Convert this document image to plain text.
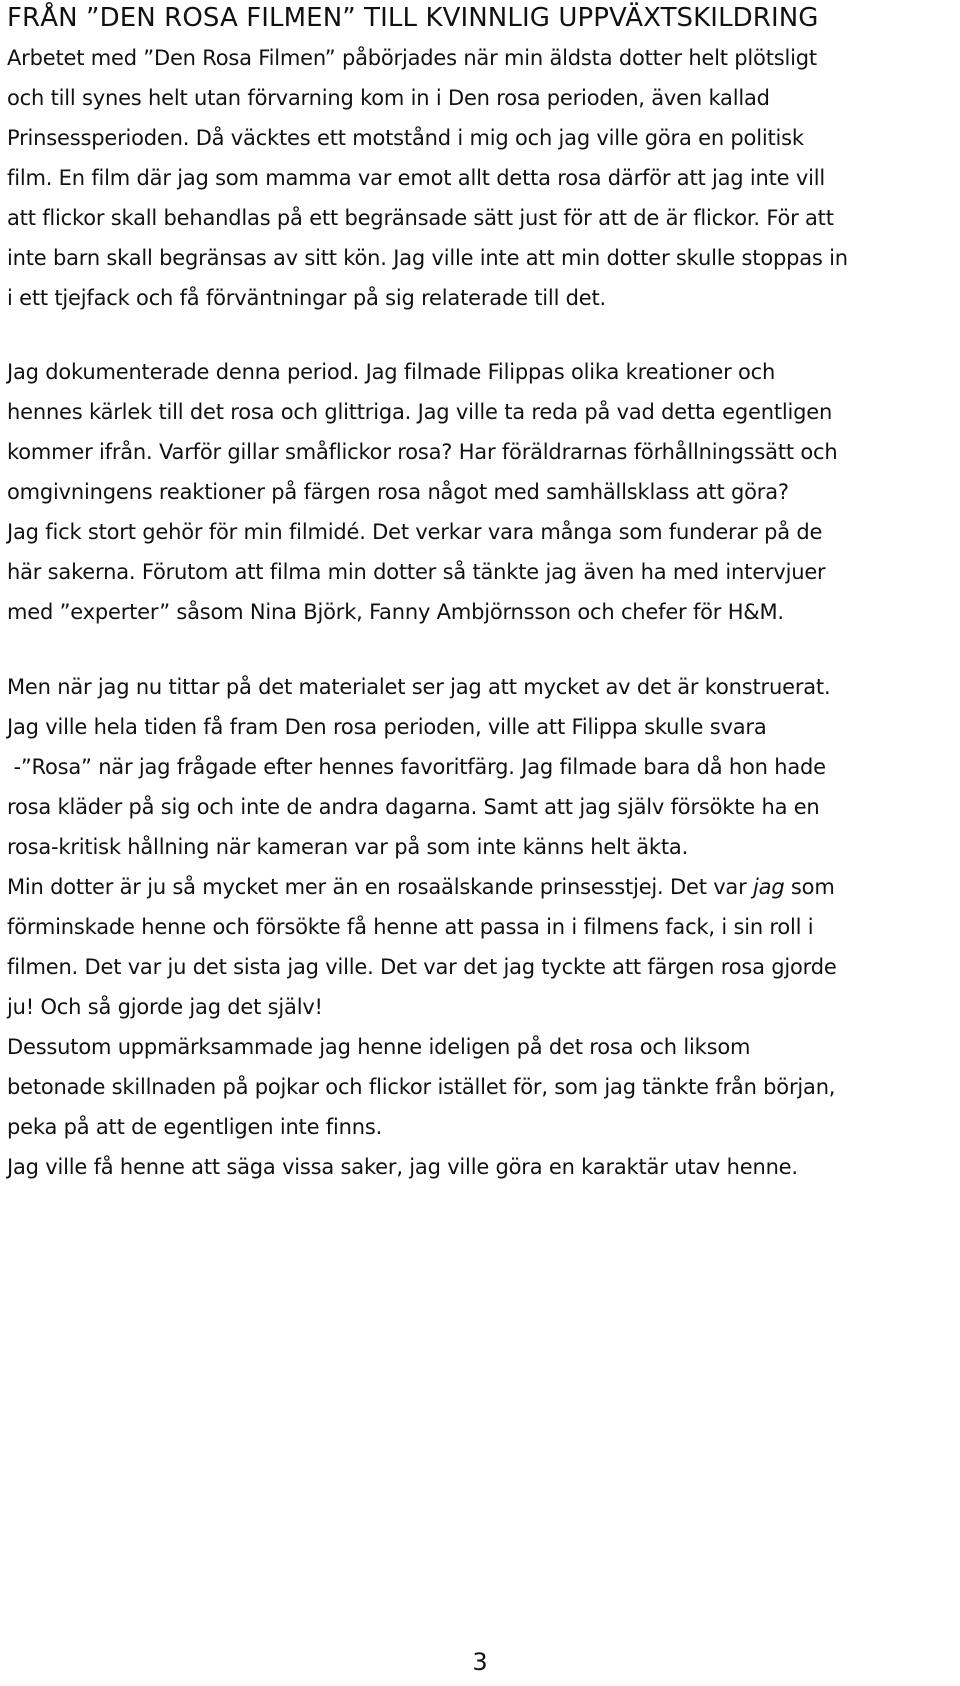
FRÅN ”DEN ROSA FILMEN” TILL KVINNLIG UPPVÄXTSKILDRING
Arbetet med ”Den Rosa Filmen” påbörjades när min äldsta dotter helt plötsligt
och till synes helt utan förvarning kom in i Den rosa perioden, även kallad
Prinsessperioden. Då väcktes ett motstånd i mig och jag ville göra en politisk
film. En film där jag som mamma var emot allt detta rosa därför att jag inte vill
att flickor skall behandlas på ett begränsade sätt just för att de är flickor. För att
inte barn skall begränsas av sitt kön. Jag ville inte att min dotter skulle stoppas in
i ett tjejfack och få förväntningar på sig relaterade till det.
Jag dokumenterade denna period. Jag filmade Filippas olika kreationer och
hennes kärlek till det rosa och glittriga. Jag ville ta reda på vad detta egentligen
kommer ifrån. Varför gillar småflickor rosa? Har föräldrarnas förhållningssätt och
omgivningens reaktioner på färgen rosa något med samhällsklass att göra?
Jag fick stort gehör för min filmidé. Det verkar vara många som funderar på de
här sakerna. Förutom att filma min dotter så tänkte jag även ha med intervjuer
med ”experter” såsom Nina Björk, Fanny Ambjörnsson och chefer för H&M.
Men när jag nu tittar på det materialet ser jag att mycket av det är konstruerat.
Jag ville hela tiden få fram Den rosa perioden, ville att Filippa skulle svara
-”Rosa” när jag frågade efter hennes favoritfärg. Jag filmade bara då hon hade
rosa kläder på sig och inte de andra dagarna. Samt att jag själv försökte ha en
rosa-kritisk hållning när kameran var på som inte känns helt äkta.
Min dotter är ju så mycket mer än en rosaälskande prinsesstjej. Det var jag som
förminskade henne och försökte få henne att passa in i filmens fack, i sin roll i
filmen. Det var ju det sista jag ville. Det var det jag tyckte att färgen rosa gjorde
ju! Och så gjorde jag det själv!
Dessutom uppmärksammade jag henne ideligen på det rosa och liksom
betonade skillnaden på pojkar och flickor istället för, som jag tänkte från början,
peka på att de egentligen inte finns.
Jag ville få henne att säga vissa saker, jag ville göra en karaktär utav henne.
3
